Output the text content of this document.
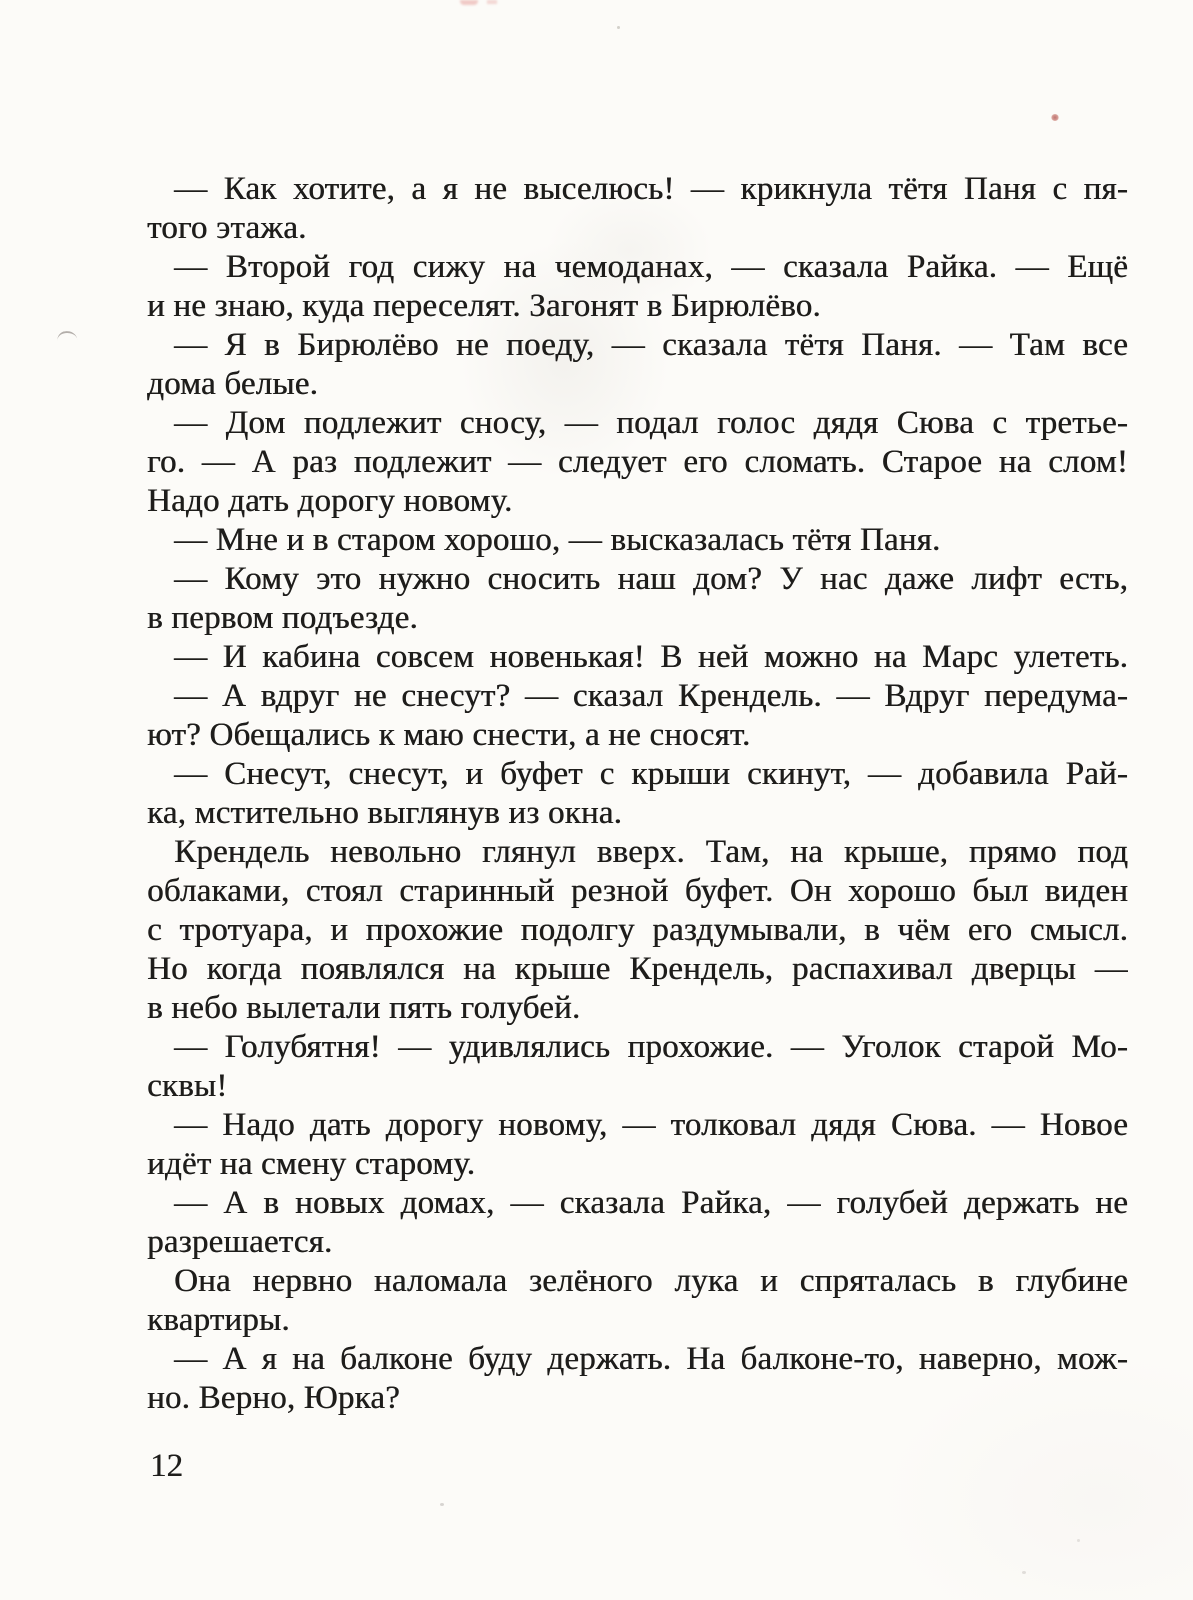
— Как хотите, а я не выселюсь! — крикнула тётя Паня с пя-
того этажа.
— Второй год сижу на чемоданах, — сказала Райка. — Ещё
и не знаю, куда переселят. Загонят в Бирюлёво.
— Я в Бирюлёво не поеду, — сказала тётя Паня. — Там все
дома белые.
— Дом подлежит сносу, — подал голос дядя Сюва с третье-
го. — А раз подлежит — следует его сломать. Старое на слом!
Надо дать дорогу новому.
— Мне и в старом хорошо, — высказалась тётя Паня.
— Кому это нужно сносить наш дом? У нас даже лифт есть,
в первом подъезде.
— И кабина совсем новенькая! В ней можно на Марс улететь.
— А вдруг не снесут? — сказал Крендель. — Вдруг передума-
ют? Обещались к маю снести, а не сносят.
— Снесут, снесут, и буфет с крыши скинут, — добавила Рай-
ка, мстительно выглянув из окна.
Крендель невольно глянул вверх. Там, на крыше, прямо под
облаками, стоял старинный резной буфет. Он хорошо был виден
с тротуара, и прохожие подолгу раздумывали, в чём его смысл.
Но когда появлялся на крыше Крендель, распахивал дверцы —
в небо вылетали пять голубей.
— Голубятня! — удивлялись прохожие. — Уголок старой Мо-
сквы!
— Надо дать дорогу новому, — толковал дядя Сюва. — Новое
идёт на смену старому.
— А в новых домах, — сказала Райка, — голубей держать не
разрешается.
Она нервно наломала зелёного лука и спряталась в глубине
квартиры.
— А я на балконе буду держать. На балконе-то, наверно, мож-
но. Верно, Юрка?
12
